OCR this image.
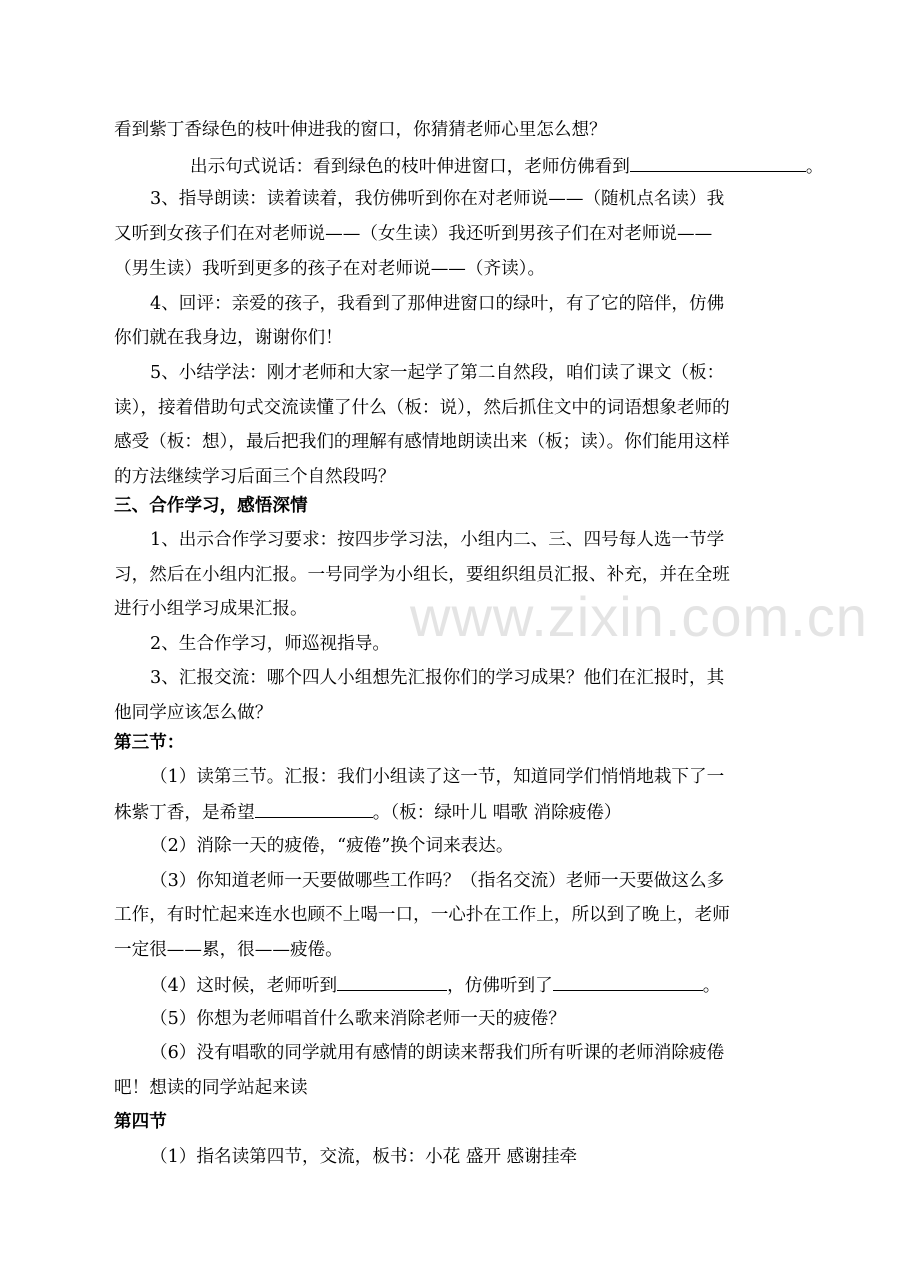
www.zixin.com.cn
看到紫丁香绿色的枝叶伸进我的窗口，你猜猜老师心里怎么想？
出示句式说话：看到绿色的枝叶伸进窗口，老师仿佛看到	。
3、指导朗读：读着读着，我仿佛听到你在对老师说——（随机点名读）我
又听到女孩子们在对老师说——（女生读）我还听到男孩子们在对老师说——
（男生读）我听到更多的孩子在对老师说——（齐读）。
4、回评：亲爱的孩子，我看到了那伸进窗口的绿叶，有了它的陪伴，仿佛
你们就在我身边，谢谢你们！
5、小结学法：刚才老师和大家一起学了第二自然段，咱们读了课文（板：
读），接着借助句式交流读懂了什么（板：说），然后抓住文中的词语想象老师的
感受（板：想），最后把我们的理解有感情地朗读出来（板；读）。你们能用这样
的方法继续学习后面三个自然段吗？
三、合作学习，感悟深情
1、出示合作学习要求：按四步学习法，小组内二、三、四号每人选一节学
习，然后在小组内汇报。一号同学为小组长，要组织组员汇报、补充，并在全班
进行小组学习成果汇报。
2、生合作学习，师巡视指导。
3、汇报交流：哪个四人小组想先汇报你们的学习成果？他们在汇报时，其
他同学应该怎么做？
第三节：
（1）读第三节。汇报：我们小组读了这一节，知道同学们悄悄地栽下了一
株紫丁香，是希望	。（板：绿叶儿 唱歌 消除疲倦）
（2）消除一天的疲倦，“疲倦”换个词来表达。
（3）你知道老师一天要做哪些工作吗？（指名交流）老师一天要做这么多
工作，有时忙起来连水也顾不上喝一口，一心扑在工作上，所以到了晚上，老师
一定很——累，很——疲倦。
（4）这时候，老师听到	，仿佛听到了	。
（5）你想为老师唱首什么歌来消除老师一天的疲倦？
（6）没有唱歌的同学就用有感情的朗读来帮我们所有听课的老师消除疲倦
吧！想读的同学站起来读
第四节
（1）指名读第四节，交流，板书：小花 盛开 感谢挂牵
